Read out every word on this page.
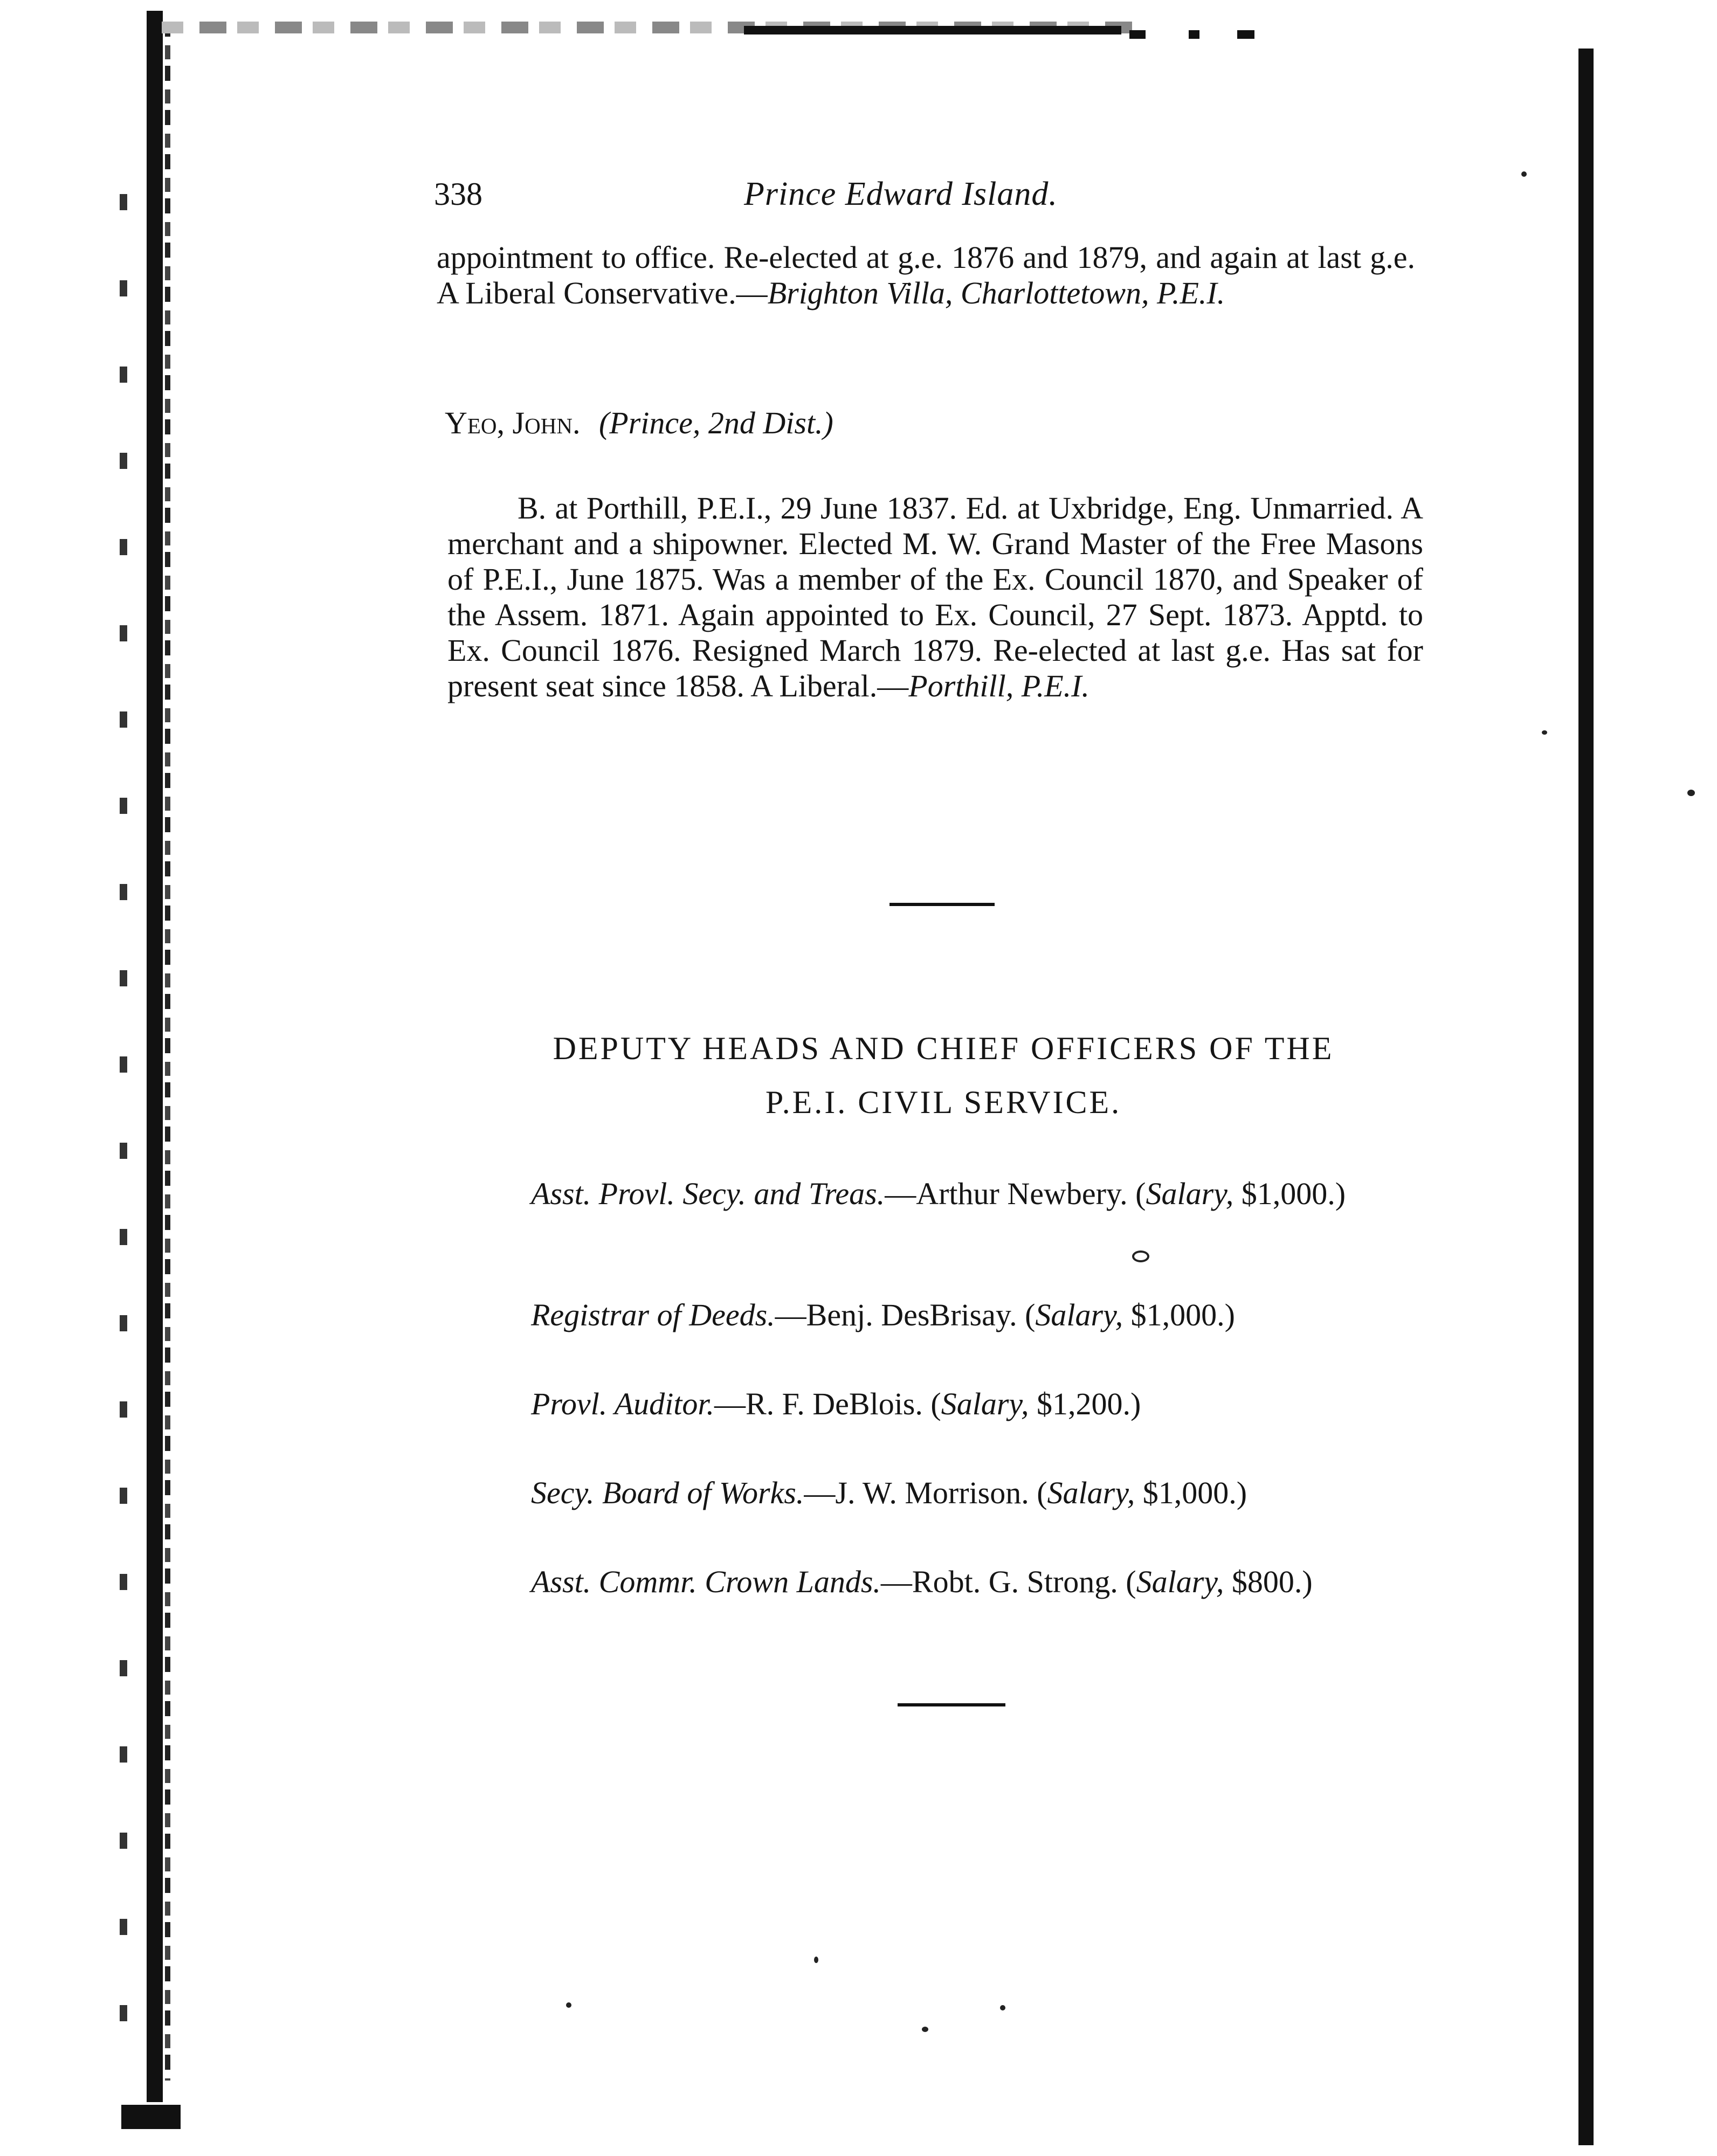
338	Prince Edward Island.

appointment to office. Re-elected at g.e. 1876 and 1879, and again at last g.e. A Liberal Conservative.—Brighton Villa, Charlottetown, P.E.I.

Yeo, John. (Prince, 2nd Dist.)

B. at Porthill, P.E.I., 29 June 1837. Ed. at Uxbridge, Eng. Unmarried. A merchant and a shipowner. Elected M. W. Grand Master of the Free Masons of P.E.I., June 1875. Was a member of the Ex. Council 1870, and Speaker of the Assem. 1871. Again appointed to Ex. Council, 27 Sept. 1873. Apptd. to Ex. Council 1876. Resigned March 1879. Re-elected at last g.e. Has sat for present seat since 1858. A Liberal.—Porthill, P.E.I.

DEPUTY HEADS AND CHIEF OFFICERS OF THE
P.E.I. CIVIL SERVICE.

Asst. Provl. Secy. and Treas.—Arthur Newbery. (Salary, $1,000.)

Registrar of Deeds.—Benj. DesBrisay. (Salary, $1,000.)

Provl. Auditor.—R. F. DeBlois. (Salary, $1,200.)

Secy. Board of Works.—J. W. Morrison. (Salary, $1,000.)

Asst. Commr. Crown Lands.—Robt. G. Strong. (Salary, $800.)
